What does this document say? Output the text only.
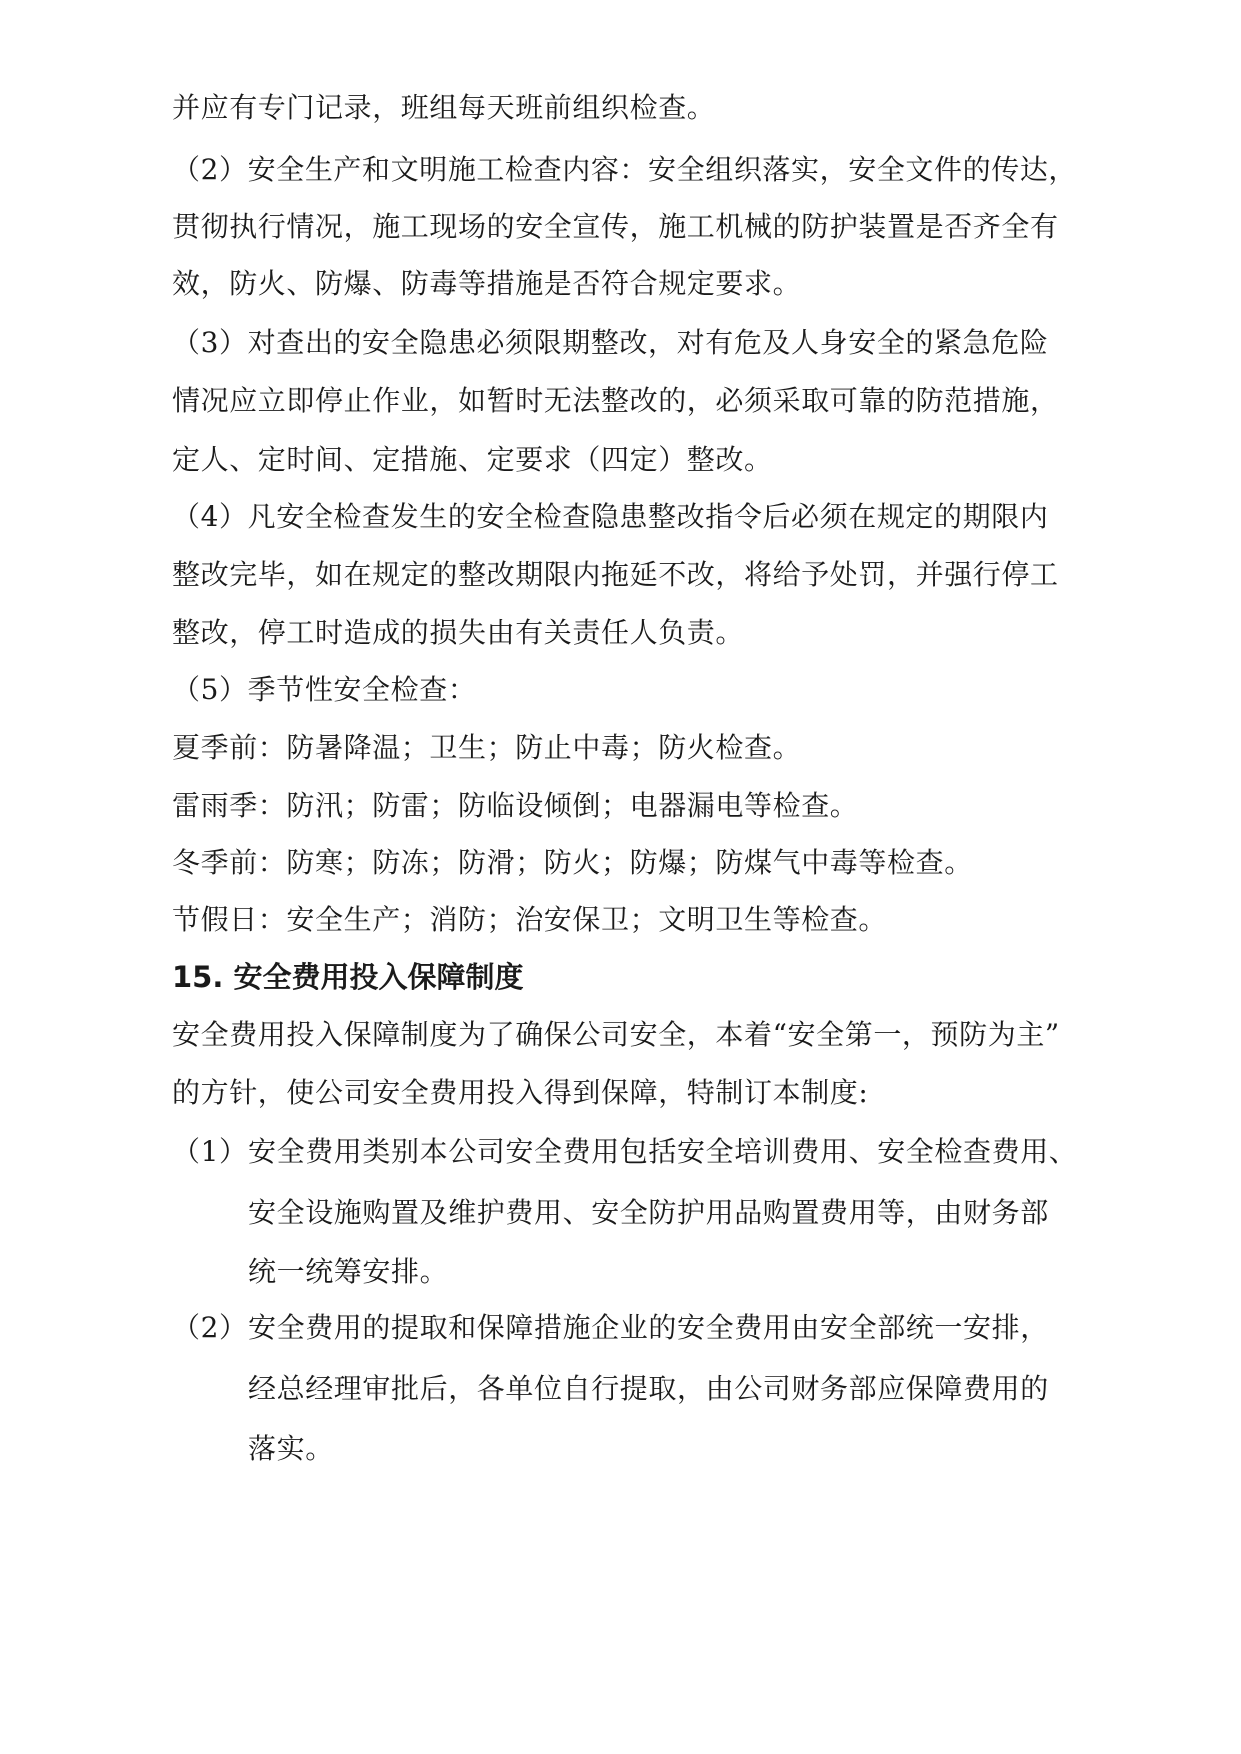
并应有专门记录，班组每天班前组织检查。
（2）安全生产和文明施工检查内容：安全组织落实，安全文件的传达，
贯彻执行情况，施工现场的安全宣传，施工机械的防护装置是否齐全有
效，防火、防爆、防毒等措施是否符合规定要求。
（3）对查出的安全隐患必须限期整改，对有危及人身安全的紧急危险
情况应立即停止作业，如暂时无法整改的，必须采取可靠的防范措施，
定人、定时间、定措施、定要求（四定）整改。
（4）凡安全检查发生的安全检查隐患整改指令后必须在规定的期限内
整改完毕，如在规定的整改期限内拖延不改，将给予处罚，并强行停工
整改，停工时造成的损失由有关责任人负责。
（5）季节性安全检查：
夏季前：防暑降温；卫生；防止中毒；防火检查。
雷雨季：防汛；防雷；防临设倾倒；电器漏电等检查。
冬季前：防寒；防冻；防滑；防火；防爆；防煤气中毒等检查。
节假日：安全生产；消防；治安保卫；文明卫生等检查。
15. 安全费用投入保障制度
安全费用投入保障制度为了确保公司安全，本着“安全第一，预防为主”
的方针，使公司安全费用投入得到保障，特制订本制度:
（1）安全费用类别本公司安全费用包括安全培训费用、安全检查费用、
安全设施购置及维护费用、安全防护用品购置费用等，由财务部
统一统筹安排。
（2）安全费用的提取和保障措施企业的安全费用由安全部统一安排，
经总经理审批后，各单位自行提取，由公司财务部应保障费用的
落实。
